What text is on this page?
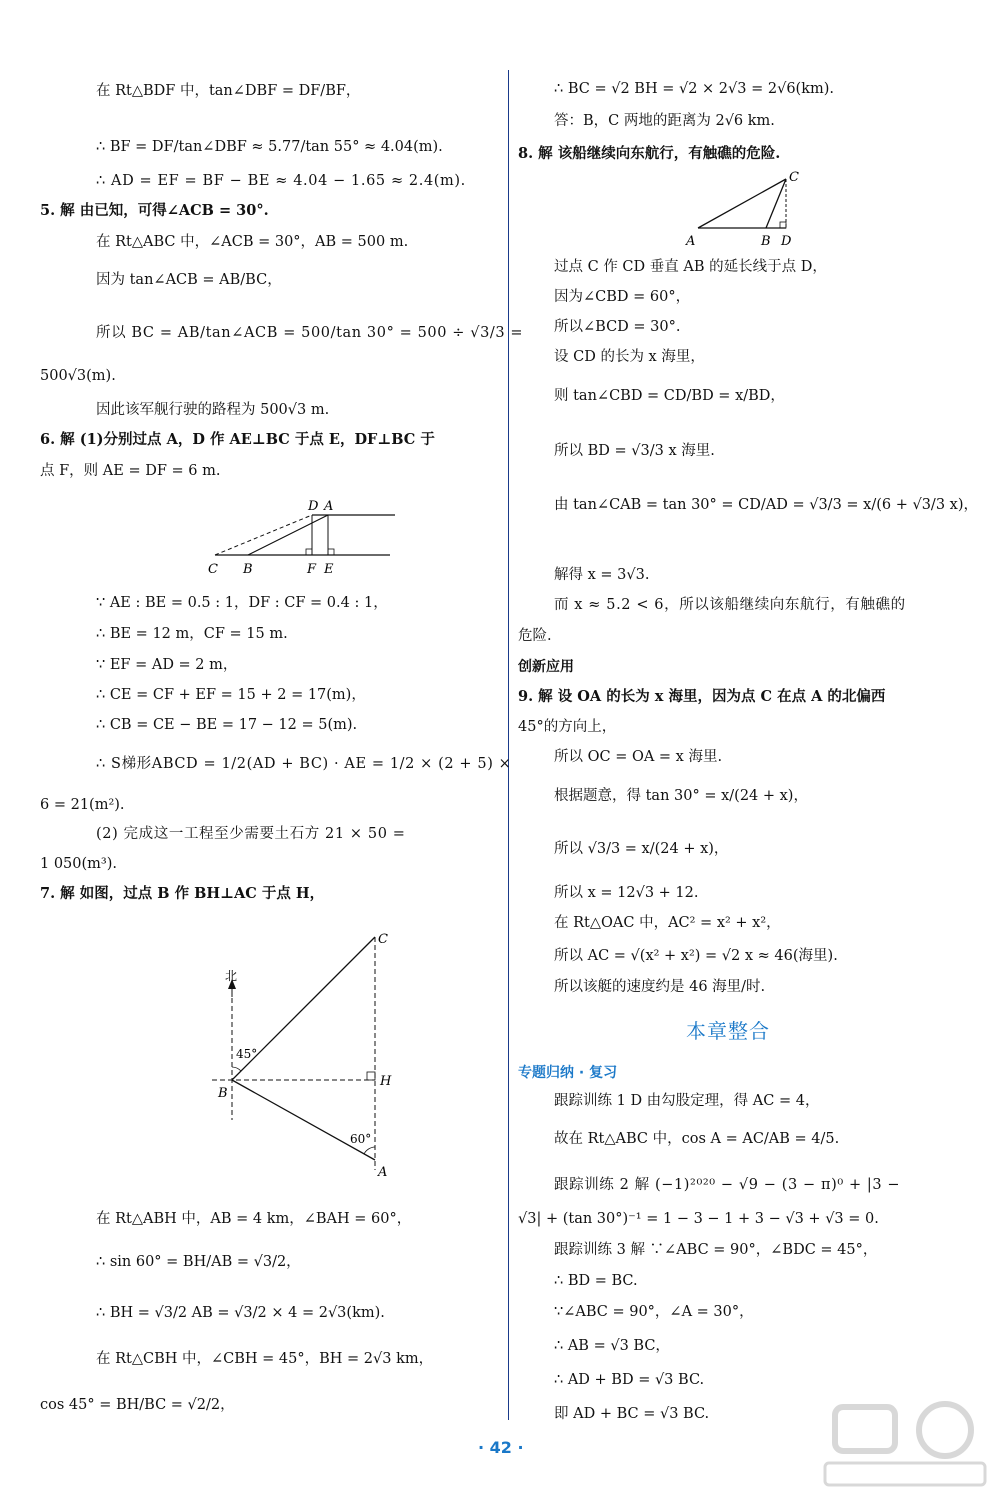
在 Rt△BDF 中，tan∠DBF = DF/BF，
∴ BF = DF/tan∠DBF ≈ 5.77/tan 55° ≈ 4.04(m).
∴ AD = EF = BF − BE ≈ 4.04 − 1.65 ≈ 2.4(m).
5. 解 由已知，可得∠ACB = 30°.
在 Rt△ABC 中，∠ACB = 30°，AB = 500 m.
因为 tan∠ACB = AB/BC，
所以 BC = AB/tan∠ACB = 500/tan 30° = 500 ÷ √3/3 =
500√3(m).
因此该军舰行驶的路程为 500√3 m.
6. 解 (1)分别过点 A，D 作 AE⊥BC 于点 E，DF⊥BC 于
点 F，则 AE = DF = 6 m.
D A
C B	F E
∵ AE : BE = 0.5 : 1，DF : CF = 0.4 : 1，
∴ BE = 12 m，CF = 15 m.
∵ EF = AD = 2 m，
∴ CE = CF + EF = 15 + 2 = 17(m)，
∴ CB = CE − BE = 17 − 12 = 5(m).
∴ S梯形ABCD = 1/2(AD + BC) · AE = 1/2 × (2 + 5) ×
6 = 21(m²).
(2) 完成这一工程至少需要土石方 21 × 50 =
1 050(m³).
7. 解 如图，过点 B 作 BH⊥AC 于点 H，
C
北
45°
B
H
60°
A
在 Rt△ABH 中，AB = 4 km，∠BAH = 60°，
∴ sin 60° = BH/AB = √3/2，
∴ BH = √3/2 AB = √3/2 × 4 = 2√3(km).
在 Rt△CBH 中，∠CBH = 45°，BH = 2√3 km，
cos 45° = BH/BC = √2/2，
∴ BC = √2 BH = √2 × 2√3 = 2√6(km).
答：B，C 两地的距离为 2√6 km.
8. 解 该船继续向东航行，有触礁的危险.
C
A	B D
过点 C 作 CD 垂直 AB 的延长线于点 D，
因为∠CBD = 60°，
所以∠BCD = 30°.
设 CD 的长为 x 海里，
则 tan∠CBD = CD/BD = x/BD，
所以 BD = √3/3 x 海里.
由 tan∠CAB = tan 30° = CD/AD = √3/3 = x/(6 + √3/3 x)，
解得 x = 3√3.
而 x ≈ 5.2 < 6，所以该船继续向东航行，有触礁的
危险.
创新应用
9. 解 设 OA 的长为 x 海里，因为点 C 在点 A 的北偏西
45°的方向上，
所以 OC = OA = x 海里.
根据题意，得 tan 30° = x/(24 + x)，
所以 √3/3 = x/(24 + x)，
所以 x = 12√3 + 12.
在 Rt△OAC 中，AC² = x² + x²，
所以 AC = √(x² + x²) = √2 x ≈ 46(海里).
所以该艇的速度约是 46 海里/时.
本章整合
专题归纳 · 复习
跟踪训练 1 D 由勾股定理，得 AC = 4，
故在 Rt△ABC 中，cos A = AC/AB = 4/5.
跟踪训练 2 解 (−1)²⁰²⁰ − √9 − (3 − π)⁰ + |3 −
√3| + (tan 30°)⁻¹ = 1 − 3 − 1 + 3 − √3 + √3 = 0.
跟踪训练 3 解 ∵∠ABC = 90°，∠BDC = 45°，
∴ BD = BC.
∵∠ABC = 90°，∠A = 30°，
∴ AB = √3 BC，
∴ AD + BD = √3 BC.
即 AD + BC = √3 BC.
· 42 ·
